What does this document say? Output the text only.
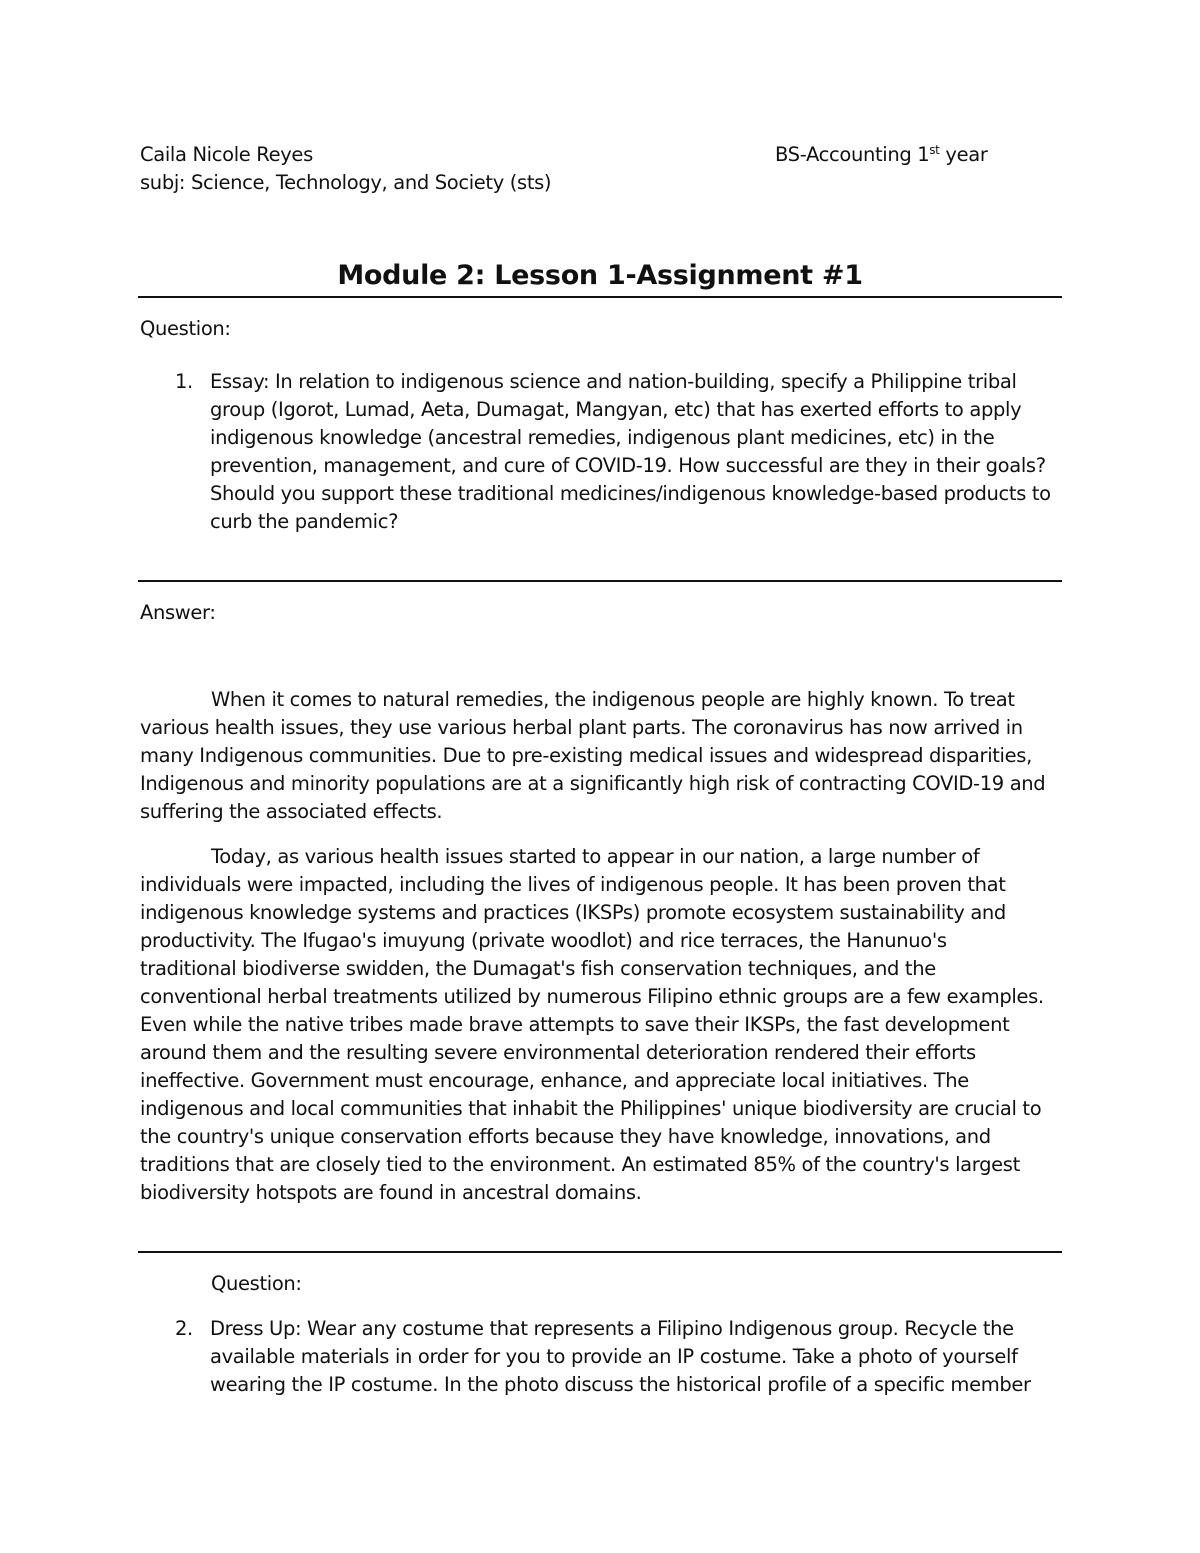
Caila Nicole Reyes	BS-Accounting 1st year
subj: Science, Technology, and Society (sts)
Module 2: Lesson 1-Assignment #1
Question:
1. Essay: In relation to indigenous science and nation-building, specify a Philippine tribal
group (Igorot, Lumad, Aeta, Dumagat, Mangyan, etc) that has exerted efforts to apply
indigenous knowledge (ancestral remedies, indigenous plant medicines, etc) in the
prevention, management, and cure of COVID-19. How successful are they in their goals?
Should you support these traditional medicines/indigenous knowledge-based products to
curb the pandemic?
Answer:
When it comes to natural remedies, the indigenous people are highly known. To treat
various health issues, they use various herbal plant parts. The coronavirus has now arrived in
many Indigenous communities. Due to pre-existing medical issues and widespread disparities,
Indigenous and minority populations are at a significantly high risk of contracting COVID-19 and
suffering the associated effects.
Today, as various health issues started to appear in our nation, a large number of
individuals were impacted, including the lives of indigenous people. It has been proven that
indigenous knowledge systems and practices (IKSPs) promote ecosystem sustainability and
productivity. The Ifugao's imuyung (private woodlot) and rice terraces, the Hanunuo's
traditional biodiverse swidden, the Dumagat's fish conservation techniques, and the
conventional herbal treatments utilized by numerous Filipino ethnic groups are a few examples.
Even while the native tribes made brave attempts to save their IKSPs, the fast development
around them and the resulting severe environmental deterioration rendered their efforts
ineffective. Government must encourage, enhance, and appreciate local initiatives. The
indigenous and local communities that inhabit the Philippines' unique biodiversity are crucial to
the country's unique conservation efforts because they have knowledge, innovations, and
traditions that are closely tied to the environment. An estimated 85% of the country's largest
biodiversity hotspots are found in ancestral domains.
Question:
2. Dress Up: Wear any costume that represents a Filipino Indigenous group. Recycle the
available materials in order for you to provide an IP costume. Take a photo of yourself
wearing the IP costume. In the photo discuss the historical profile of a specific member
